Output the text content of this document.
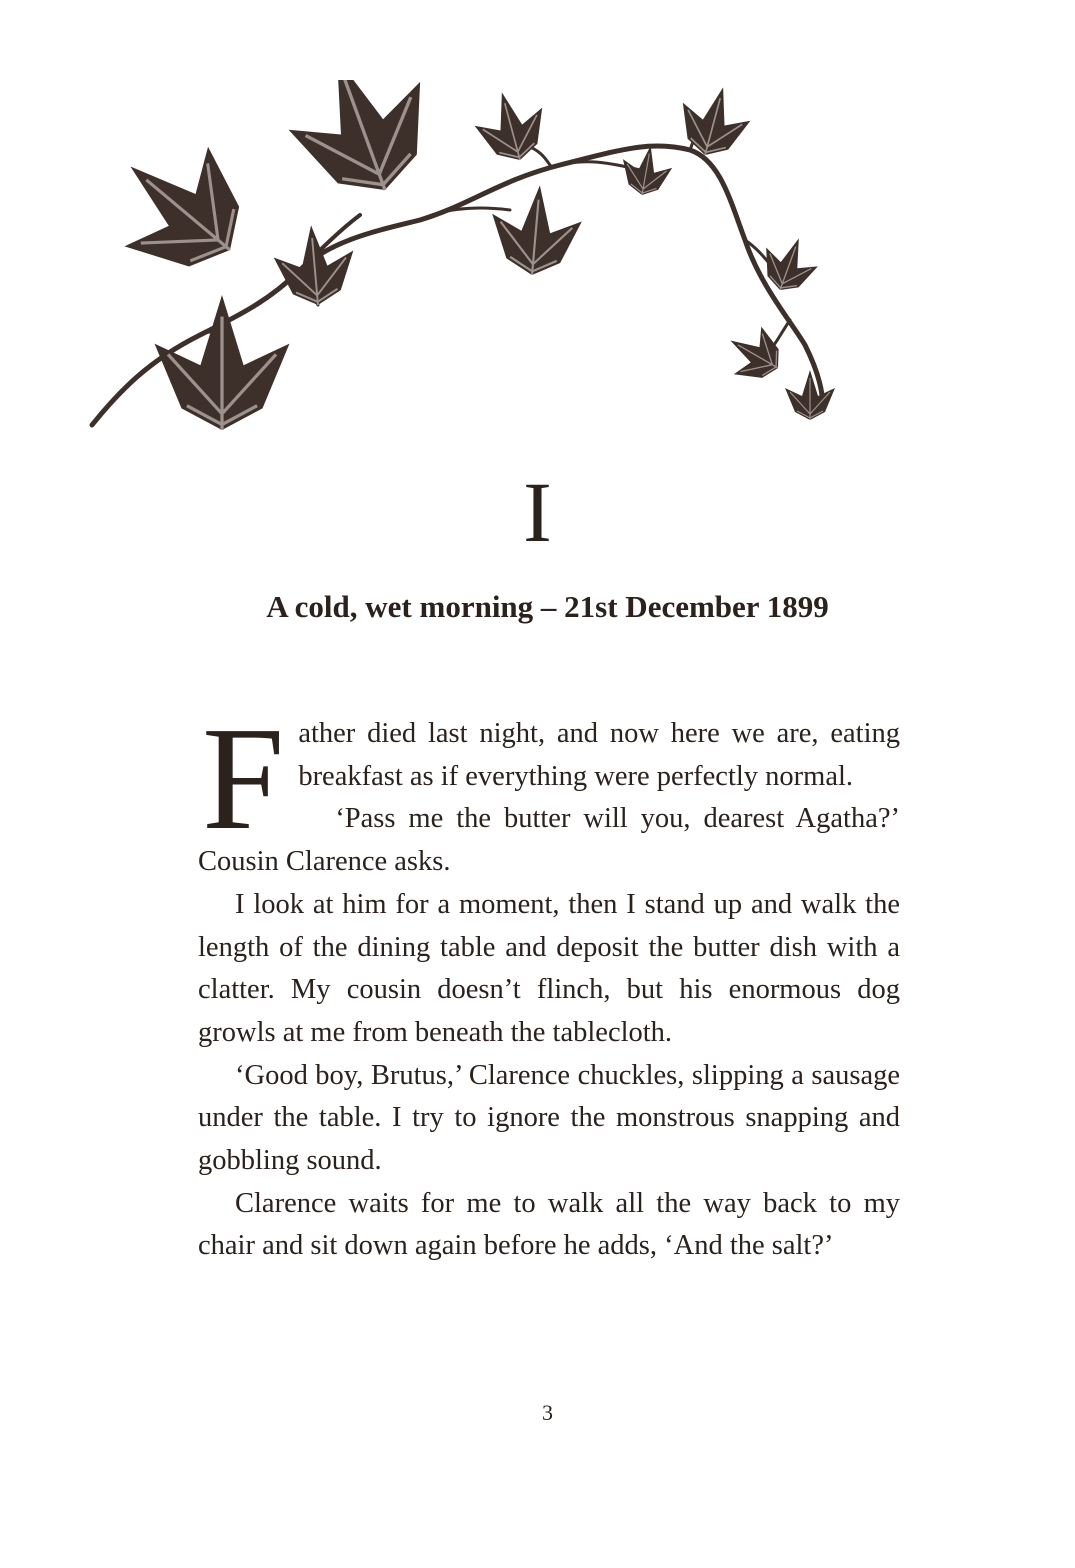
I
A cold, wet morning – 21st December 1899

Father died last night, and now here we are, eating breakfast as if everything were perfectly normal.

‘Pass me the butter will you, dearest Agatha?’ Cousin Clarence asks.

I look at him for a moment, then I stand up and walk the length of the dining table and deposit the butter dish with a clatter. My cousin doesn’t flinch, but his enormous dog growls at me from beneath the tablecloth.

‘Good boy, Brutus,’ Clarence chuckles, slipping a sausage under the table. I try to ignore the monstrous snapping and gobbling sound.

Clarence waits for me to walk all the way back to my chair and sit down again before he adds, ‘And the salt?’

3
